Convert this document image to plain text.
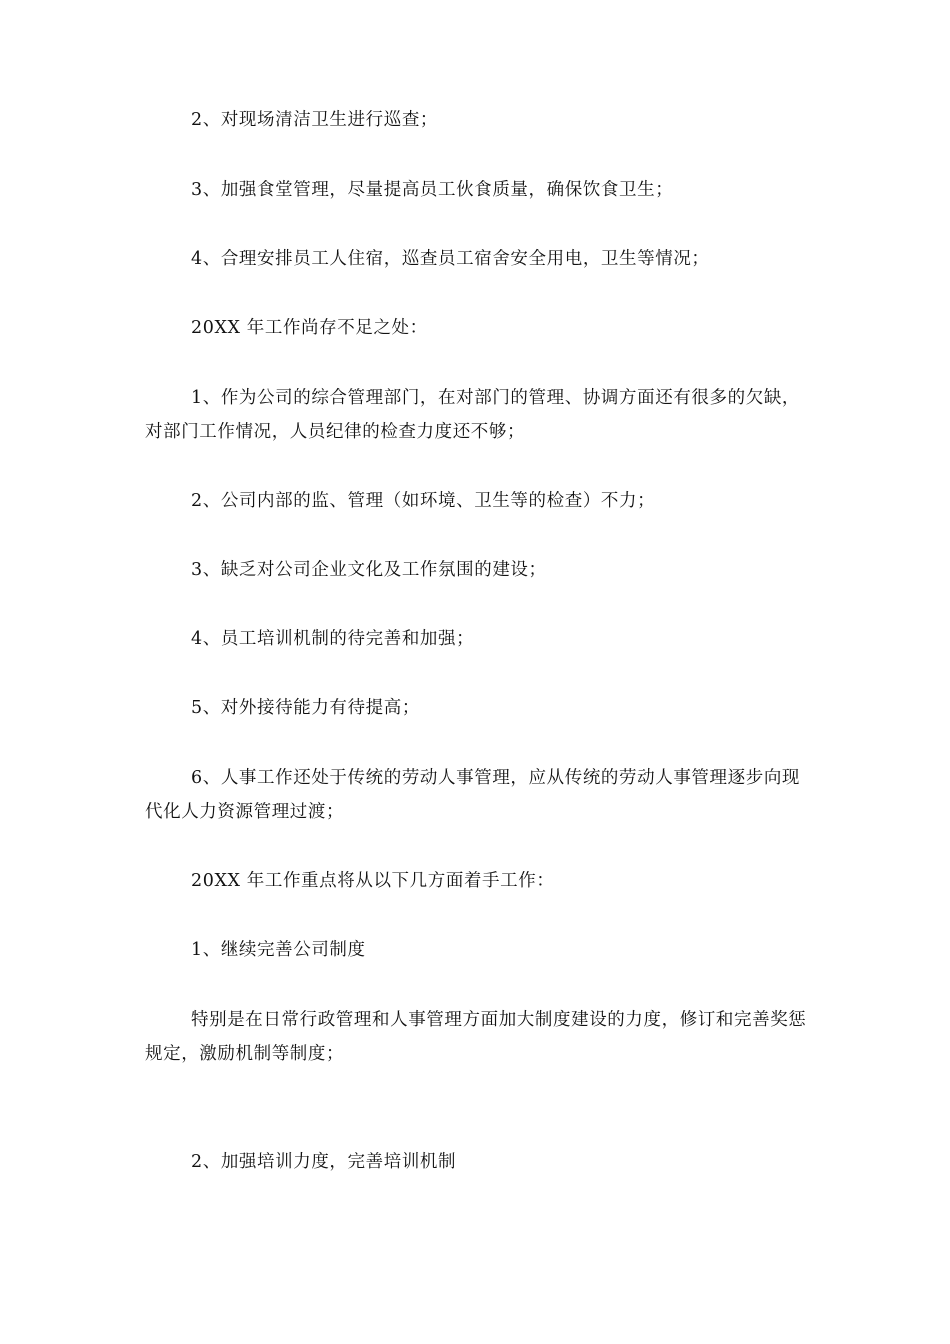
2、对现场清洁卫生进行巡查；

3、加强食堂管理，尽量提高员工伙食质量，确保饮食卫生；

4、合理安排员工人住宿，巡查员工宿舍安全用电，卫生等情况；

20XX 年工作尚存不足之处：

1、作为公司的综合管理部门，在对部门的管理、协调方面还有很多的欠缺，对部门工作情况，人员纪律的检查力度还不够；

2、公司内部的监、管理（如环境、卫生等的检查）不力；

3、缺乏对公司企业文化及工作氛围的建设；

4、员工培训机制的待完善和加强；

5、对外接待能力有待提高；

6、人事工作还处于传统的劳动人事管理，应从传统的劳动人事管理逐步向现代化人力资源管理过渡；

20XX 年工作重点将从以下几方面着手工作：

1、继续完善公司制度

特别是在日常行政管理和人事管理方面加大制度建设的力度，修订和完善奖惩规定，激励机制等制度；

2、加强培训力度，完善培训机制
